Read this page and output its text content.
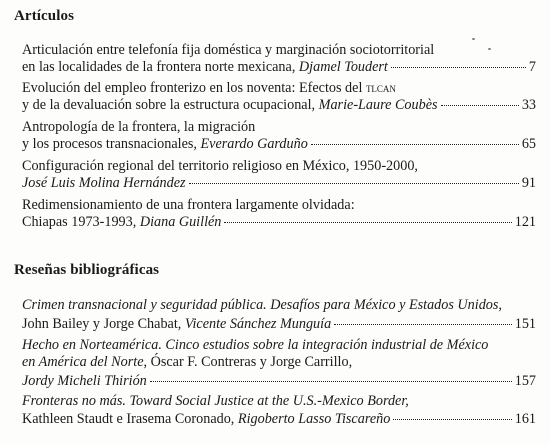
Artículos
Articulación entre telefonía fija doméstica y marginación sociotorritorial
en las localidades de la frontera norte mexicana, Djamel Toudert	7
Evolución del empleo fronterizo en los noventa: Efectos del tlcan
y de la devaluación sobre la estructura ocupacional, Marie-Laure Coubès	33
Antropología de la frontera, la migración
y los procesos transnacionales, Everardo Garduño	65
Configuración regional del territorio religioso en México, 1950-2000,
José Luis Molina Hernández	91
Redimensionamiento de una frontera largamente olvidada:
Chiapas 1973-1993, Diana Guillén	121
Reseñas bibliográficas
Crimen transnacional y seguridad pública. Desafíos para México y Estados Unidos,
John Bailey y Jorge Chabat, Vicente Sánchez Munguía	151
Hecho en Norteamérica. Cinco estudios sobre la integración industrial de México
en América del Norte, Óscar F. Contreras y Jorge Carrillo,
Jordy Micheli Thirión	157
Fronteras no más. Toward Social Justice at the U.S.-Mexico Border,
Kathleen Staudt e Irasema Coronado, Rigoberto Lasso Tiscareño	161
